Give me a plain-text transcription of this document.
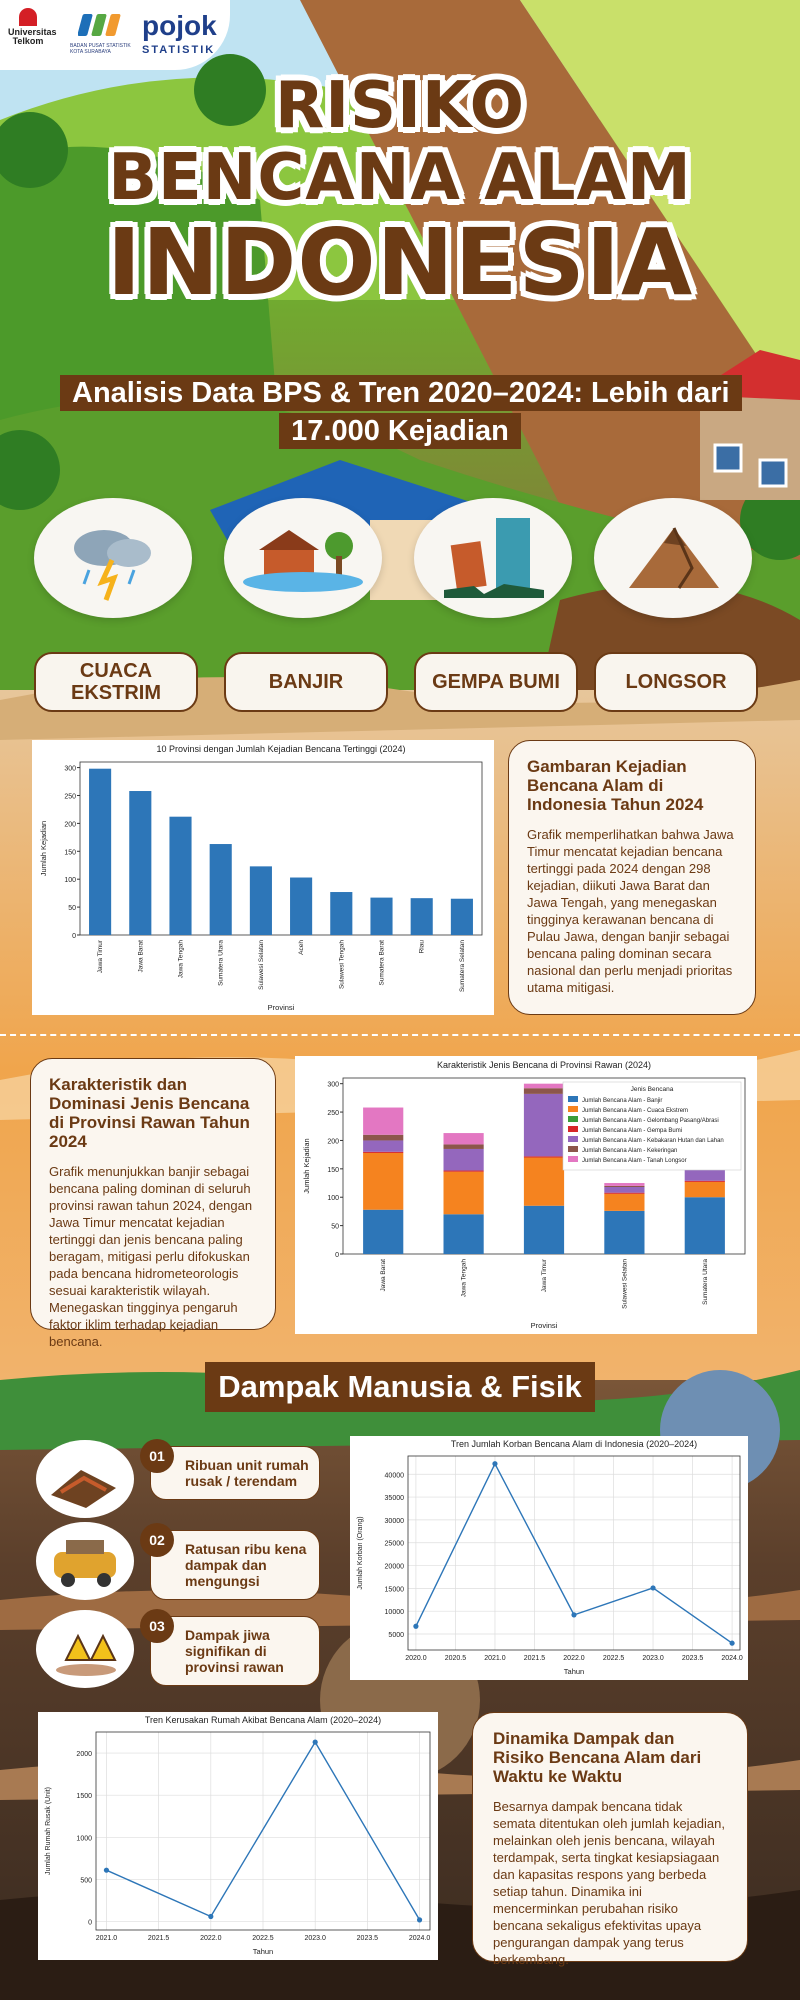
Universitas Telkom	BADAN PUSAT STATISTIK KOTA SURABAYA
pojok
STATISTIK
RISIKO
BENCANA ALAM
INDONESIA
Analisis Data BPS & Tren 2020–2024: Lebih dari 17.000 Kejadian
CUACA EKSTRIM	BANJIR	GEMPA BUMI	LONGSOR
10 Provinsi dengan Jumlah Kejadian Bencana Tertinggi (2024)
0
50
100
150
200
250
300
Jawa Timur	Jawa Barat	Jawa Tengah	Sumatera Utara	Sulawesi Selatan	Aceh	Sulawesi Tengah	Sumatera Barat	Riau	Sumatera Selatan
Provinsi
Jumlah Kejadian
Gambaran Kejadian Bencana Alam di Indonesia Tahun 2024
Grafik memperlihatkan bahwa Jawa Timur mencatat kejadian bencana tertinggi pada 2024 dengan 298 kejadian, diikuti Jawa Barat dan Jawa Tengah, yang menegaskan tingginya kerawanan bencana di Pulau Jawa, dengan banjir sebagai bencana paling dominan secara nasional dan perlu menjadi prioritas utama mitigasi.
Karakteristik dan Dominasi Jenis Bencana di Provinsi Rawan Tahun 2024
Grafik menunjukkan banjir sebagai bencana paling dominan di seluruh provinsi rawan tahun 2024, dengan Jawa Timur mencatat kejadian tertinggi dan jenis bencana paling beragam, mitigasi perlu difokuskan pada bencana hidrometeorologis sesuai karakteristik wilayah. Menegaskan tingginya pengaruh faktor iklim terhadap kejadian bencana.
Karakteristik Jenis Bencana di Provinsi Rawan (2024)
0
50
100
150
200
250
300
Jawa Barat	Jawa Tengah	Jawa Timur	Sulawesi Selatan	Sumatera Utara
Jenis Bencana
Jumlah Bencana Alam - Banjir
Jumlah Bencana Alam - Cuaca Ekstrem
Jumlah Bencana Alam - Gelombang Pasang/Abrasi
Jumlah Bencana Alam - Gempa Bumi
Jumlah Bencana Alam - Kebakaran Hutan dan Lahan
Jumlah Bencana Alam - Kekeringan
Jumlah Bencana Alam - Tanah Longsor
Provinsi
Jumlah Kejadian
Dampak Manusia & Fisik
Ribuan unit rumah rusak / terendam
01
Ratusan ribu kena dampak dan mengungsi
02
Dampak jiwa signifikan di provinsi rawan
03
Tren Jumlah Korban Bencana Alam di Indonesia (2020–2024)
5000
10000
15000
20000
25000
30000
35000
40000
2020.0	2020.5	2021.0	2021.5	2022.0	2022.5	2023.0	2023.5	2024.0
Tahun
Jumlah Korban (Orang)
Tren Kerusakan Rumah Akibat Bencana Alam (2020–2024)
0
500
1000
1500
2000
2021.0	2021.5	2022.0	2022.5	2023.0	2023.5	2024.0
Tahun
Jumlah Rumah Rusak (Unit)
Dinamika Dampak dan Risiko Bencana Alam dari Waktu ke Waktu
Besarnya dampak bencana tidak semata ditentukan oleh jumlah kejadian, melainkan oleh jenis bencana, wilayah terdampak, serta tingkat kesiapsiagaan dan kapasitas respons yang berbeda setiap tahun. Dinamika ini mencerminkan perubahan risiko bencana sekaligus efektivitas upaya pengurangan dampak yang terus berkembang.
